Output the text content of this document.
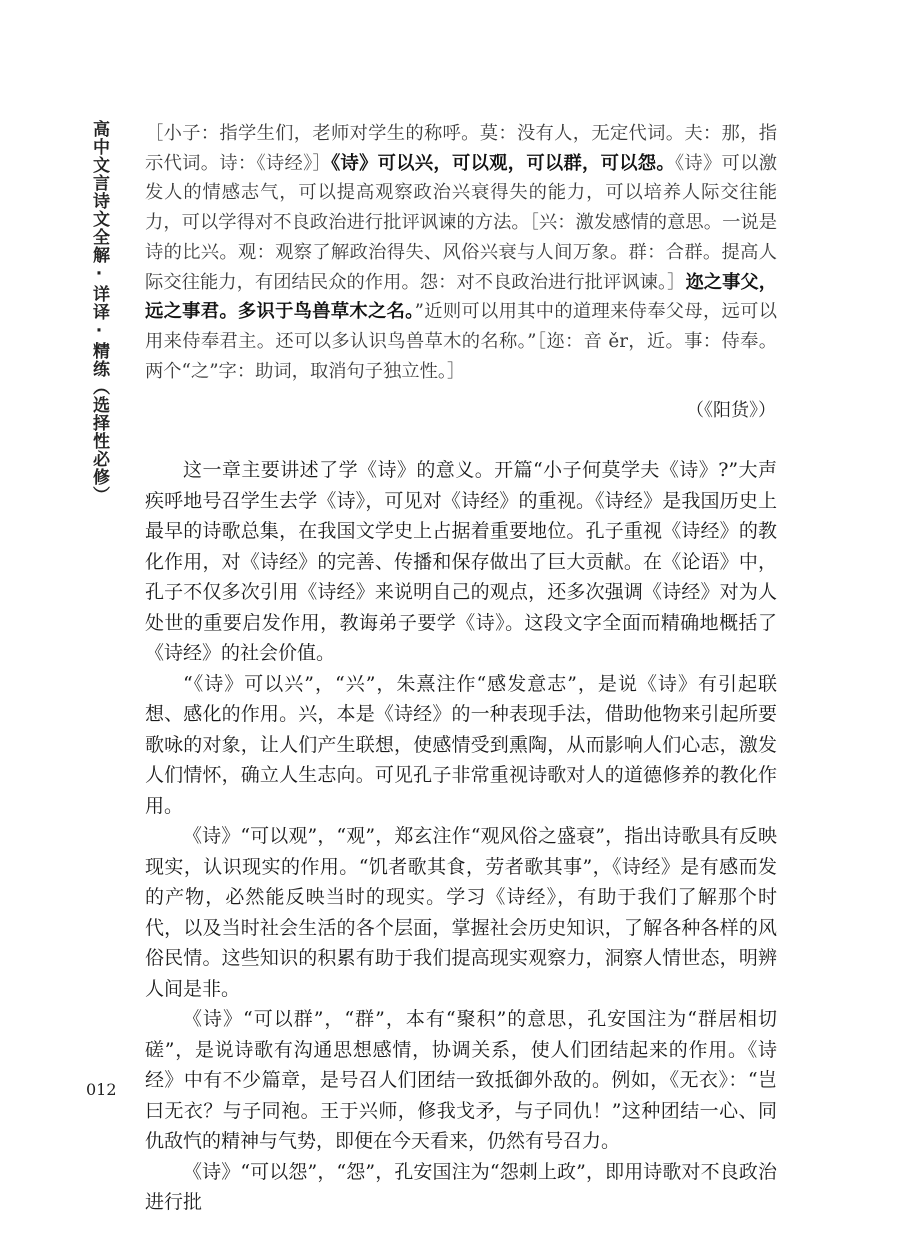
高中文言诗文全解·详译·精练（选择性必修） ［小子：指学生们，老师对学生的称呼。莫：没有人，无定代词。夫：那，指示代词。诗：《诗经》］《诗》可以兴，可以观，可以群，可以怨。《诗》可以激发人的情感志气，可以提高观察政治兴衰得失的能力，可以培养人际交往能力，可以学得对不良政治进行批评讽谏的方法。［兴：激发感情的意思。一说是诗的比兴。观：观察了解政治得失、风俗兴衰与人间万象。群：合群。提高人际交往能力，有团结民众的作用。怨：对不良政治进行批评讽谏。］迩之事父，远之事君。多识于鸟兽草木之名。”近则可以用其中的道理来侍奉父母，远可以用来侍奉君主。还可以多认识鸟兽草木的名称。”［迩：音 ěr，近。事：侍奉。两个“之”字：助词，取消句子独立性。］

（《阳货》）

这一章主要讲述了学《诗》的意义。开篇“小子何莫学夫《诗》?”大声疾呼地号召学生去学《诗》，可见对《诗经》的重视。《诗经》是我国历史上最早的诗歌总集，在我国文学史上占据着重要地位。孔子重视《诗经》的教化作用，对《诗经》的完善、传播和保存做出了巨大贡献。在《论语》中，孔子不仅多次引用《诗经》来说明自己的观点，还多次强调《诗经》对为人处世的重要启发作用，教诲弟子要学《诗》。这段文字全面而精确地概括了《诗经》的社会价值。

“《诗》可以兴”，“兴”，朱熹注作“感发意志”，是说《诗》有引起联想、感化的作用。兴，本是《诗经》的一种表现手法，借助他物来引起所要歌咏的对象，让人们产生联想，使感情受到熏陶，从而影响人们心志，激发人们情怀，确立人生志向。可见孔子非常重视诗歌对人的道德修养的教化作用。

《诗》“可以观”，“观”，郑玄注作“观风俗之盛衰”，指出诗歌具有反映现实，认识现实的作用。“饥者歌其食，劳者歌其事”，《诗经》是有感而发的产物，必然能反映当时的现实。学习《诗经》，有助于我们了解那个时代，以及当时社会生活的各个层面，掌握社会历史知识，了解各种各样的风俗民情。这些知识的积累有助于我们提高现实观察力，洞察人情世态，明辨人间是非。

《诗》“可以群”，“群”，本有“聚积”的意思，孔安国注为“群居相切磋”，是说诗歌有沟通思想感情，协调关系，使人们团结起来的作用。《诗经》中有不少篇章，是号召人们团结一致抵御外敌的。例如，《无衣》：“岂曰无衣？与子同袍。王于兴师，修我戈矛，与子同仇！”这种团结一心、同仇敌忾的精神与气势，即便在今天看来，仍然有号召力。

《诗》“可以怨”，“怨”，孔安国注为“怨刺上政”，即用诗歌对不良政治进行批

012
